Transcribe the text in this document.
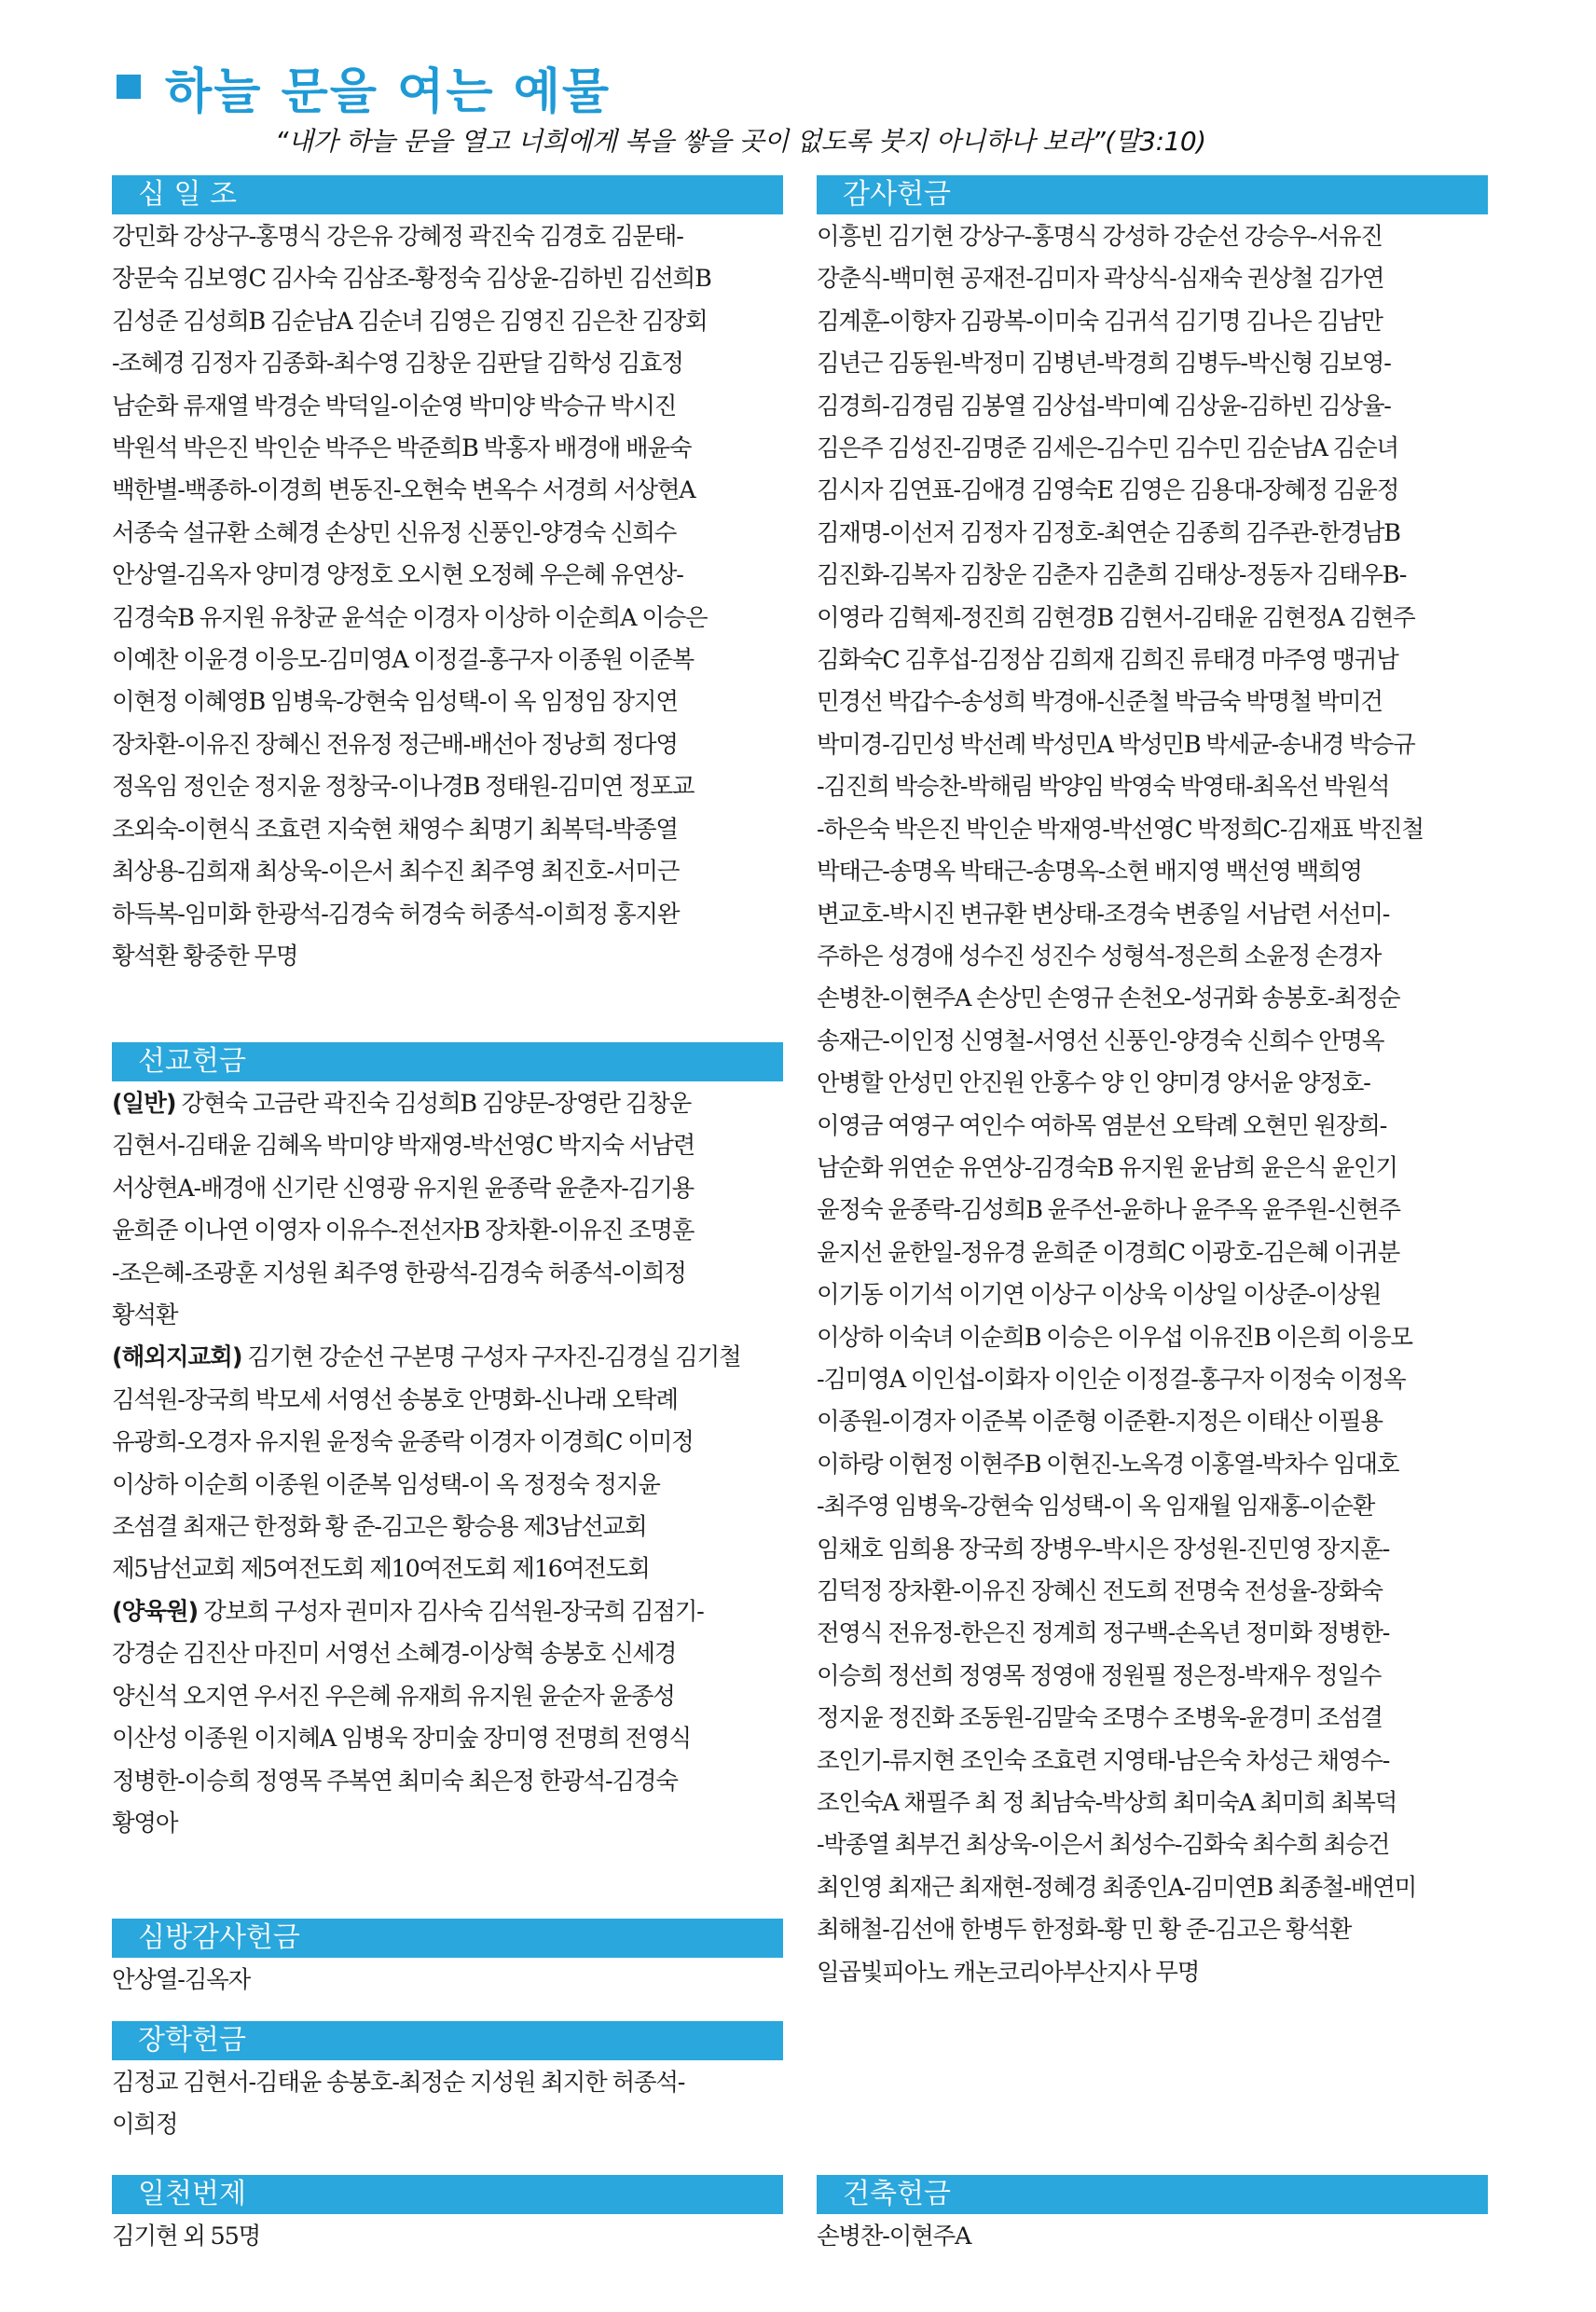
하늘 문을 여는 예물
“내가 하늘 문을 열고 너희에게 복을 쌓을 곳이 없도록 붓지 아니하나 보라”(말3:10)
십 일 조
강민화 강상구-홍명식 강은유 강혜정 곽진숙 김경호 김문태-
장문숙 김보영C 김사숙 김삼조-황정숙 김상윤-김하빈 김선희B
김성준 김성희B 김순남A 김순녀 김영은 김영진 김은찬 김장회
-조혜경 김정자 김종화-최수영 김창운 김판달 김학성 김효정
남순화 류재열 박경순 박덕일-이순영 박미양 박승규 박시진
박원석 박은진 박인순 박주은 박준희B 박홍자 배경애 배윤숙
백한별-백종하-이경희 변동진-오현숙 변옥수 서경희 서상현A
서종숙 설규환 소혜경 손상민 신유정 신풍인-양경숙 신희수
안상열-김옥자 양미경 양정호 오시현 오정혜 우은혜 유연상-
김경숙B 유지원 유창균 윤석순 이경자 이상하 이순희A 이승은
이예찬 이윤경 이응모-김미영A 이정걸-홍구자 이종원 이준복
이현정 이혜영B 임병욱-강현숙 임성택-이 옥 임정임 장지연
장차환-이유진 장혜신 전유정 정근배-배선아 정낭희 정다영
정옥임 정인순 정지윤 정창국-이나경B 정태원-김미연 정포교
조외숙-이현식 조효련 지숙현 채영수 최명기 최복덕-박종열
최상용-김희재 최상욱-이은서 최수진 최주영 최진호-서미근
하득복-임미화 한광석-김경숙 허경숙 허종석-이희정 홍지완
황석환 황중한 무명
선교헌금
(일반) 강현숙 고금란 곽진숙 김성희B 김양문-장영란 김창운
김현서-김태윤 김혜옥 박미양 박재영-박선영C 박지숙 서남련
서상현A-배경애 신기란 신영광 유지원 윤종락 윤춘자-김기용
윤희준 이나연 이영자 이유수-전선자B 장차환-이유진 조명훈
-조은혜-조광훈 지성원 최주영 한광석-김경숙 허종석-이희정
황석환
(해외지교회) 김기현 강순선 구본명 구성자 구자진-김경실 김기철
김석원-장국희 박모세 서영선 송봉호 안명화-신나래 오탁례
유광희-오경자 유지원 윤정숙 윤종락 이경자 이경희C 이미정
이상하 이순희 이종원 이준복 임성택-이 옥 정정숙 정지윤
조섬결 최재근 한정화 황 준-김고은 황승용 제3남선교회
제5남선교회 제5여전도회 제10여전도회 제16여전도회
(양육원) 강보희 구성자 권미자 김사숙 김석원-장국희 김점기-
강경순 김진산 마진미 서영선 소혜경-이상혁 송봉호 신세경
양신석 오지연 우서진 우은혜 유재희 유지원 윤순자 윤종성
이산성 이종원 이지혜A 임병욱 장미숲 장미영 전명희 전영식
정병한-이승희 정영목 주복연 최미숙 최은정 한광석-김경숙
황영아
심방감사헌금
안상열-김옥자
장학헌금
김정교 김현서-김태윤 송봉호-최정순 지성원 최지한 허종석-
이희정
일천번제
김기현 외 55명
감사헌금
이흥빈 김기현 강상구-홍명식 강성하 강순선 강승우-서유진
강춘식-백미현 공재전-김미자 곽상식-심재숙 권상철 김가연
김계훈-이향자 김광복-이미숙 김귀석 김기명 김나은 김남만
김년근 김동원-박정미 김병년-박경희 김병두-박신형 김보영-
김경희-김경림 김봉열 김상섭-박미예 김상윤-김하빈 김상율-
김은주 김성진-김명준 김세은-김수민 김수민 김순남A 김순녀
김시자 김연표-김애경 김영숙E 김영은 김용대-장혜정 김윤정
김재명-이선저 김정자 김정호-최연순 김종희 김주관-한경남B
김진화-김복자 김창운 김춘자 김춘희 김태상-정동자 김태우B-
이영라 김혁제-정진희 김현경B 김현서-김태윤 김현정A 김현주
김화숙C 김후섭-김정삼 김희재 김희진 류태경 마주영 맹귀남
민경선 박갑수-송성희 박경애-신준철 박금숙 박명철 박미건
박미경-김민성 박선례 박성민A 박성민B 박세균-송내경 박승규
-김진희 박승찬-박해림 박양임 박영숙 박영태-최옥선 박원석
-하은숙 박은진 박인순 박재영-박선영C 박정희C-김재표 박진철
박태근-송명옥 박태근-송명옥-소현 배지영 백선영 백희영
변교호-박시진 변규환 변상태-조경숙 변종일 서남련 서선미-
주하은 성경애 성수진 성진수 성형석-정은희 소윤정 손경자
손병찬-이현주A 손상민 손영규 손천오-성귀화 송봉호-최정순
송재근-이인정 신영철-서영선 신풍인-양경숙 신희수 안명옥
안병할 안성민 안진원 안홍수 양 인 양미경 양서윤 양정호-
이영금 여영구 여인수 여하목 염분선 오탁례 오현민 원장희-
남순화 위연순 유연상-김경숙B 유지원 윤남희 윤은식 윤인기
윤정숙 윤종락-김성희B 윤주선-윤하나 윤주옥 윤주원-신현주
윤지선 윤한일-정유경 윤희준 이경희C 이광호-김은혜 이귀분
이기동 이기석 이기연 이상구 이상욱 이상일 이상준-이상원
이상하 이숙녀 이순희B 이승은 이우섭 이유진B 이은희 이응모
-김미영A 이인섭-이화자 이인순 이정걸-홍구자 이정숙 이정옥
이종원-이경자 이준복 이준형 이준환-지정은 이태산 이필용
이하랑 이현정 이현주B 이현진-노옥경 이홍열-박차수 임대호
-최주영 임병욱-강현숙 임성택-이 옥 임재월 임재홍-이순환
임채호 임희용 장국희 장병우-박시은 장성원-진민영 장지훈-
김덕정 장차환-이유진 장혜신 전도희 전명숙 전성율-장화숙
전영식 전유정-한은진 정계희 정구백-손옥년 정미화 정병한-
이승희 정선희 정영목 정영애 정원필 정은정-박재우 정일수
정지윤 정진화 조동원-김말숙 조명수 조병욱-윤경미 조섬결
조인기-류지현 조인숙 조효련 지영태-남은숙 차성근 채영수-
조인숙A 채필주 최 정 최남숙-박상희 최미숙A 최미희 최복덕
-박종열 최부건 최상욱-이은서 최성수-김화숙 최수희 최승건
최인영 최재근 최재현-정혜경 최종인A-김미연B 최종철-배연미
최해철-김선애 한병두 한정화-황 민 황 준-김고은 황석환
일곱빛피아노 캐논코리아부산지사 무명
건축헌금
손병찬-이현주A
